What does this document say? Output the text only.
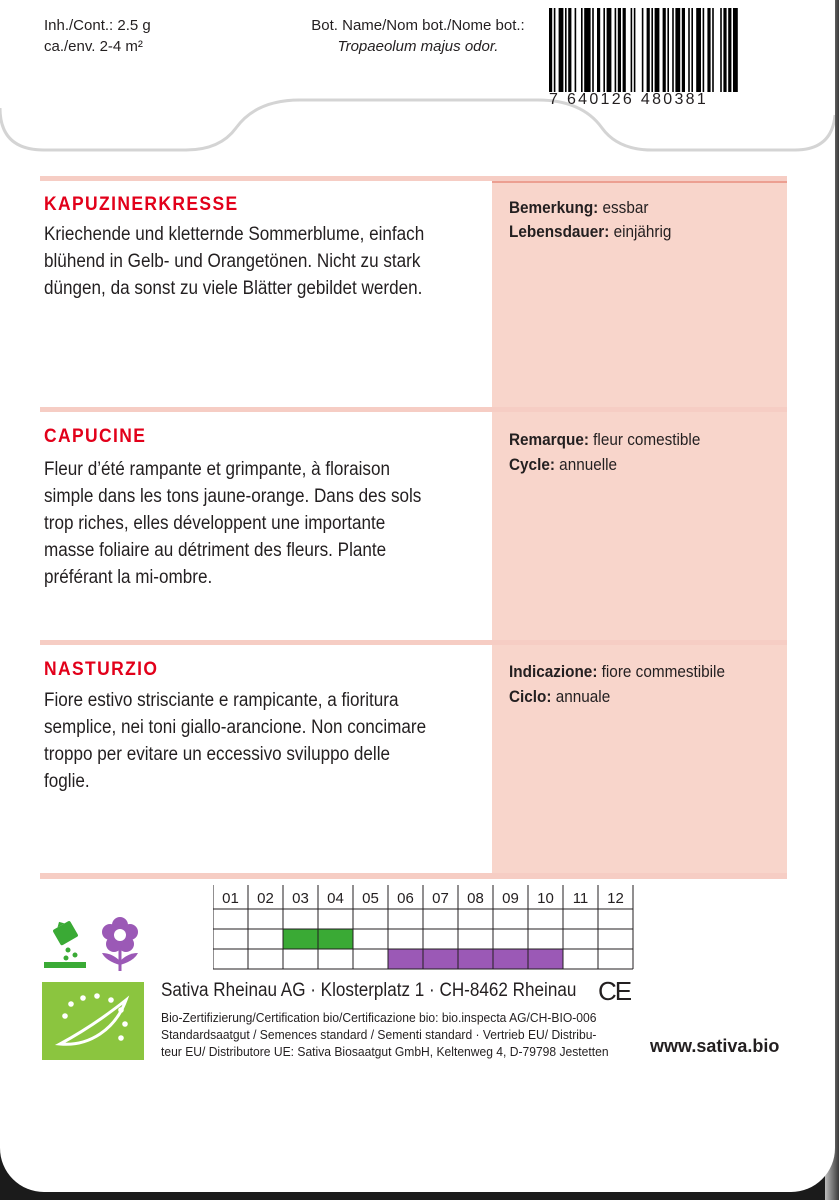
Inh./Cont.: 2.5 g
ca./env. 2-4 m²
Bot. Name/Nom bot./Nome bot.:
Tropaeolum majus odor.
7 640126 480381
KAPUZINERKRESSE
Kriechende und kletternde Sommerblume, einfach
blühend in Gelb- und Orangetönen. Nicht zu stark
düngen, da sonst zu viele Blätter gebildet werden.
Bemerkung: essbar
Lebensdauer: einjährig
CAPUCINE
Fleur d’été rampante et grimpante, à floraison
simple dans les tons jaune-orange. Dans des sols
trop riches, elles développent une importante
masse foliaire au détriment des fleurs. Plante
préférant la mi-ombre.
Remarque: fleur comestible
Cycle: annuelle
NASTURZIO
Fiore estivo strisciante e rampicante, a fioritura
semplice, nei toni giallo-arancione. Non concimare
troppo per evitare un eccessivo sviluppo delle
foglie.
Indicazione: fiore commestibile
Ciclo: annuale
01 02 03 04 05 06 07 08 09 10 11 12
Sativa Rheinau AG · Klosterplatz 1 · CH-8462 Rheinau CE
Bio-Zertifizierung/Certification bio/Certificazione bio: bio.inspecta AG/CH-BIO-006
Standardsaatgut / Semences standard / Sementi standard · Vertrieb EU/ Distribu-
teur EU/ Distributore UE: Sativa Biosaatgut GmbH, Keltenweg 4, D-79798 Jestetten www.sativa.bio
